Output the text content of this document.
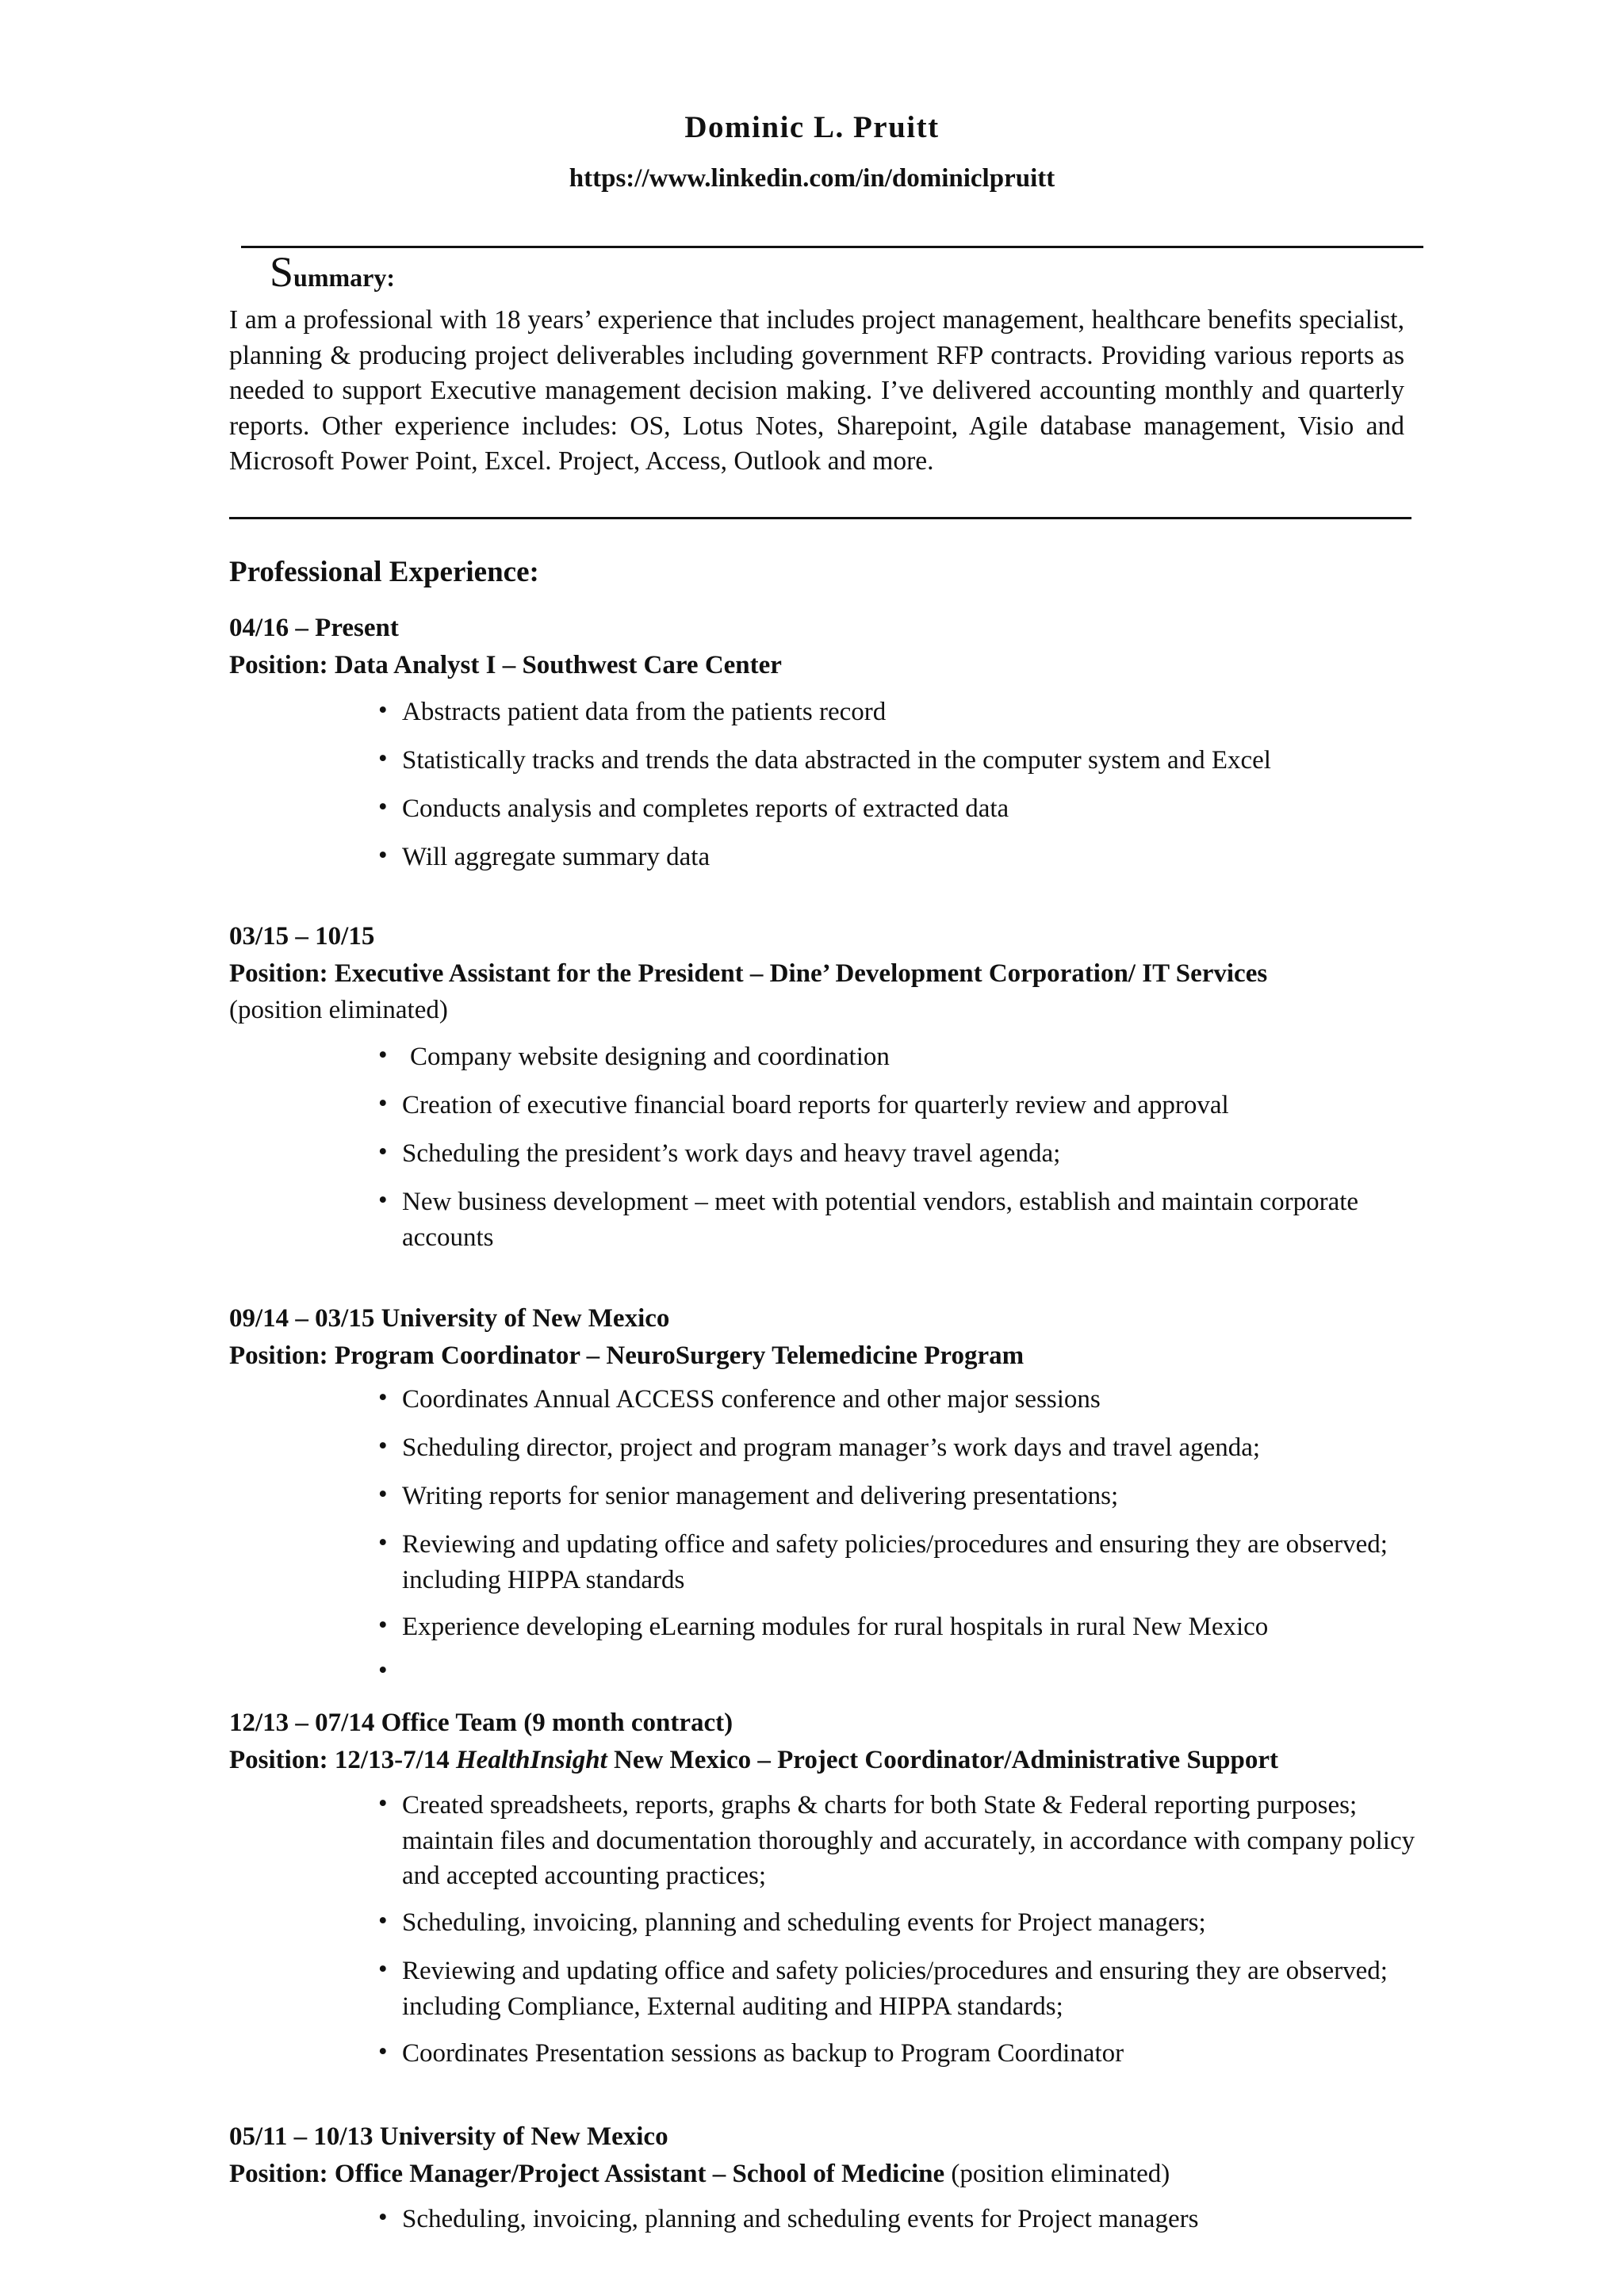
Dominic L. Pruitt
https://www.linkedin.com/in/dominiclpruitt
Summary:

I am a professional with 18 years’ experience that includes project management, healthcare benefits specialist, planning & producing project deliverables including government RFP contracts. Providing various reports as needed to support Executive management decision making. I’ve delivered accounting monthly and quarterly reports. Other experience includes: OS, Lotus Notes, Sharepoint, Agile database management, Visio and Microsoft Power Point, Excel. Project, Access, Outlook and more.

Professional Experience:
04/16 – Present
Position: Data Analyst I – Southwest Care Center
• Abstracts patient data from the patients record
• Statistically tracks and trends the data abstracted in the computer system and Excel
• Conducts analysis and completes reports of extracted data
• Will aggregate summary data
03/15 – 10/15
Position: Executive Assistant for the President – Dine’ Development Corporation/ IT Services
(position eliminated)
• Company website designing and coordination
• Creation of executive financial board reports for quarterly review and approval
• Scheduling the president’s work days and heavy travel agenda;
• New business development – meet with potential vendors, establish and maintain corporate accounts
09/14 – 03/15 University of New Mexico
Position: Program Coordinator – NeuroSurgery Telemedicine Program
• Coordinates Annual ACCESS conference and other major sessions
• Scheduling director, project and program manager’s work days and travel agenda;
• Writing reports for senior management and delivering presentations;
• Reviewing and updating office and safety policies/procedures and ensuring they are observed; including HIPPA standards
• Experience developing eLearning modules for rural hospitals in rural New Mexico
•
12/13 – 07/14 Office Team (9 month contract)
Position: 12/13-7/14 HealthInsight New Mexico – Project Coordinator/Administrative Support
• Created spreadsheets, reports, graphs & charts for both State & Federal reporting purposes; maintain files and documentation thoroughly and accurately, in accordance with company policy and accepted accounting practices;
• Scheduling, invoicing, planning and scheduling events for Project managers;
• Reviewing and updating office and safety policies/procedures and ensuring they are observed; including Compliance, External auditing and HIPPA standards;
• Coordinates Presentation sessions as backup to Program Coordinator
05/11 – 10/13 University of New Mexico
Position: Office Manager/Project Assistant – School of Medicine (position eliminated)
• Scheduling, invoicing, planning and scheduling events for Project managers
